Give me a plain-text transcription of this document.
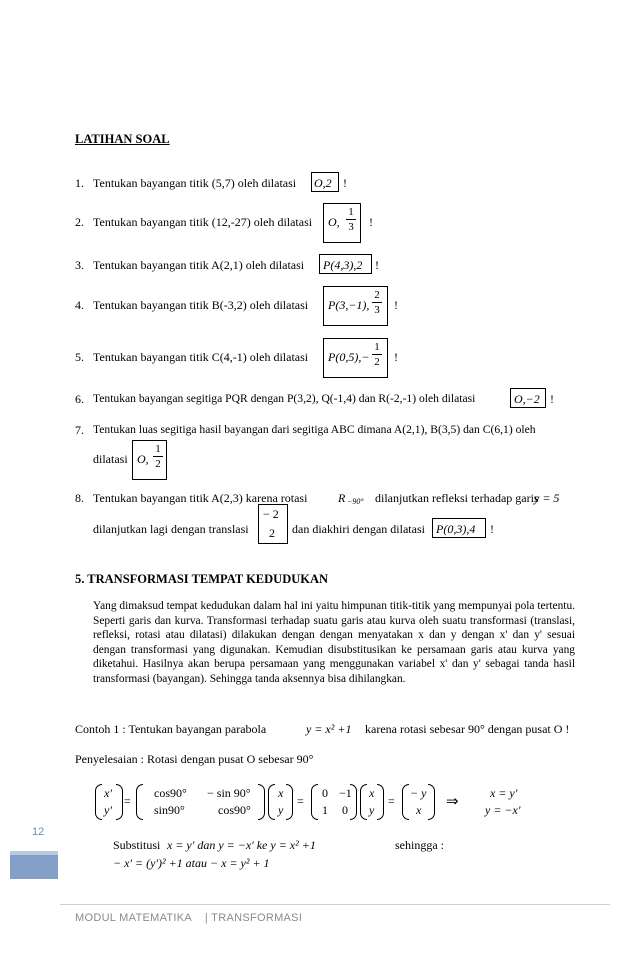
LATIHAN SOAL
1. Tentukan bayangan titik (5,7) oleh dilatasi O,2 !
2. Tentukan bayangan titik (12,-27) oleh dilatasi O,
1
3 !
3. Tentukan bayangan titik A(2,1) oleh dilatasi P(4,3),2 !
4. Tentukan bayangan titik B(-3,2) oleh dilatasi P(3,−1),
2
3 !
5. Tentukan bayangan titik C(4,-1) oleh dilatasi P(0,5),−
1
2 !
6. Tentukan bayangan segitiga PQR dengan P(3,2), Q(-1,4) dan R(-2,-1) oleh dilatasi	O,−2 !
7. Tentukan luas segitiga hasil bayangan dari segitiga ABC dimana A(2,1), B(3,5) dan C(6,1) oleh
dilatasi O,
1
2
8. Tentukan bayangan titik A(2,3) karena rotasi	R −90° dilanjutkan refleksi terhadap garis
y = 5
dilanjutkan lagi dengan translasi
− 2
2 dan diakhiri dengan dilatasi P(0,3),4 !
5. TRANSFORMASI TEMPAT KEDUDUKAN
Yang dimaksud tempat kedudukan dalam hal ini yaitu himpunan titik-titik yang mempunyai pola tertentu. Seperti garis dan kurva. Transformasi terhadap suatu garis atau kurva oleh suatu transformasi (translasi, refleksi, rotasi atau dilatasi) dilakukan dengan dengan menyatakan x dan y dengan x' dan y' sesuai dengan transformasi yang digunakan. Kemudian disubstitusikan ke persamaan garis atau kurva yang diketahui. Hasilnya akan berupa persamaan yang menggunakan variabel x' dan y' sebagai tanda hasil transformasi (bayangan). Sehingga tanda aksennya bisa dihilangkan.
Contoh 1 : Tentukan bayangan parabola	y = x² +1 karena rotasi sebesar 90° dengan pusat O !
Penyelesaian : Rotasi dengan pusat O sebesar 90°
x'
y'
=
cos90° − sin 90°
sin90°	cos90°
x
y
=
0 −1
1 0
x
y
=
− y
x ⇒	x = y'
y = −x'
Substitusi x = y' dan y = −x' ke y = x² +1	sehingga :
− x' = (y')² +1 atau − x = y² + 1
12
MODUL MATEMATIKA    | TRANSFORMASI
